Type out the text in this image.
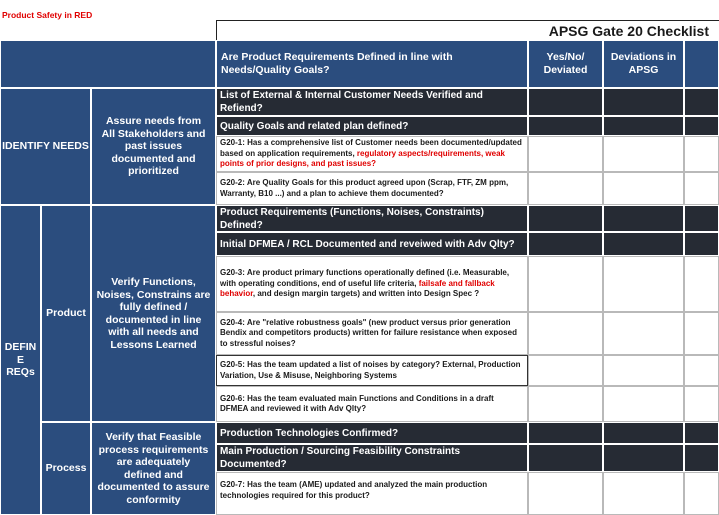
Product Safety in RED
APSG Gate 20 Checklist
Are Product Requirements Defined in line with Needs/Quality Goals?
Yes/No/ Deviated
Deviations in APSG
IDENTIFY NEEDS
Assure needs from All Stakeholders and past issues documented and prioritized
DEFIN E REQs
Product
Verify Functions, Noises, Constrains are fully defined / documented in line with all needs and Lessons Learned
Process
Verify that Feasible process requirements are adequately defined and documented to assure conformity
List of External & Internal Customer Needs Verified and Refiend?
Quality Goals and related plan defined?
G20-1: Has a comprehensive list of Customer needs been documented/updated based on application requirements, regulatory aspects/requirements, weak points of prior designs, and past issues?
G20-2: Are Quality Goals for this product agreed upon (Scrap, FTF, ZM ppm, Warranty, B10 ...) and a plan to achieve them documented?
Product Requirements (Functions, Noises, Constraints) Defined?
Initial DFMEA / RCL Documented and reveiwed with Adv Qlty?
G20-3: Are product primary functions operationally defined (i.e. Measurable, with operating conditions, end of useful life criteria, failsafe and fallback behavior, and design margin targets) and written into Design Spec ?
G20-4: Are "relative robustness goals" (new product versus prior generation Bendix and competitors products) written for failure resistance when exposed to stressful noises?
G20-5: Has the team updated a list of noises by category? External, Production Variation, Use & Misuse, Neighboring Systems
G20-6: Has the team evaluated main Functions and Conditions in a draft DFMEA and reviewed it with Adv Qlty?
Production Technologies Confirmed?
Main Production / Sourcing Feasibility Constraints Documented?
G20-7: Has the team (AME) updated and analyzed the main production technologies required for this product?
